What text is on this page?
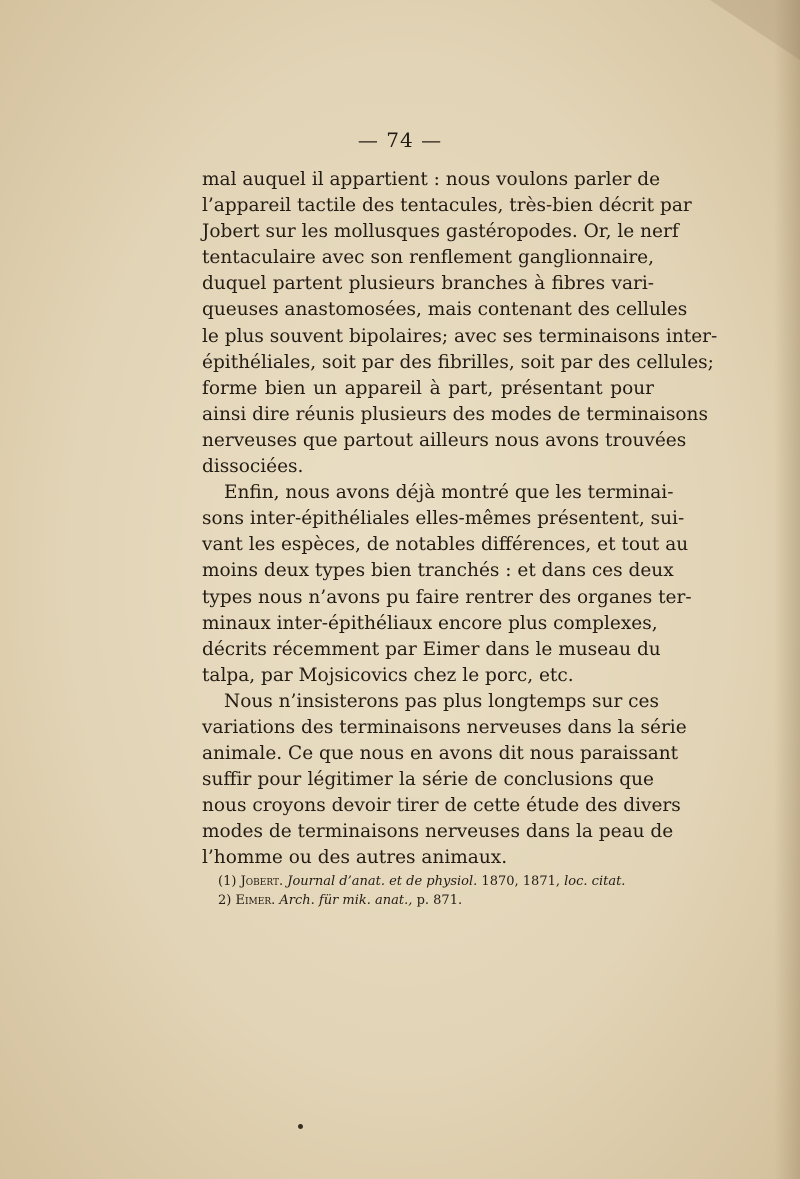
— 74 —
mal auquel il appartient : nous voulons parler de
l’appareil tactile des tentacules, très-bien décrit par
Jobert sur les mollusques gastéropodes. Or, le nerf
tentaculaire avec son renflement ganglionnaire,
duquel partent plusieurs branches à fibres vari-
queuses anastomosées, mais contenant des cellules
le plus souvent bipolaires; avec ses terminaisons inter-
épithéliales, soit par des fibrilles, soit par des cellules;
forme bien un appareil à part, présentant pour
ainsi dire réunis plusieurs des modes de terminaisons
nerveuses que partout ailleurs nous avons trouvées
dissociées.
Enfin, nous avons déjà montré que les terminai-
sons inter-épithéliales elles-mêmes présentent, sui-
vant les espèces, de notables différences, et tout au
moins deux types bien tranchés : et dans ces deux
types nous n’avons pu faire rentrer des organes ter-
minaux inter-épithéliaux encore plus complexes,
décrits récemment par Eimer dans le museau du
talpa, par Mojsicovics chez le porc, etc.
Nous n’insisterons pas plus longtemps sur ces
variations des terminaisons nerveuses dans la série
animale. Ce que nous en avons dit nous paraissant
suffir pour légitimer la série de conclusions que
nous croyons devoir tirer de cette étude des divers
modes de terminaisons nerveuses dans la peau de
l’homme ou des autres animaux.
(1) Jobert. Journal d’anat. et de physiol. 1870, 1871, loc. citat.
2) Eimer. Arch. für mik. anat., p. 871.
